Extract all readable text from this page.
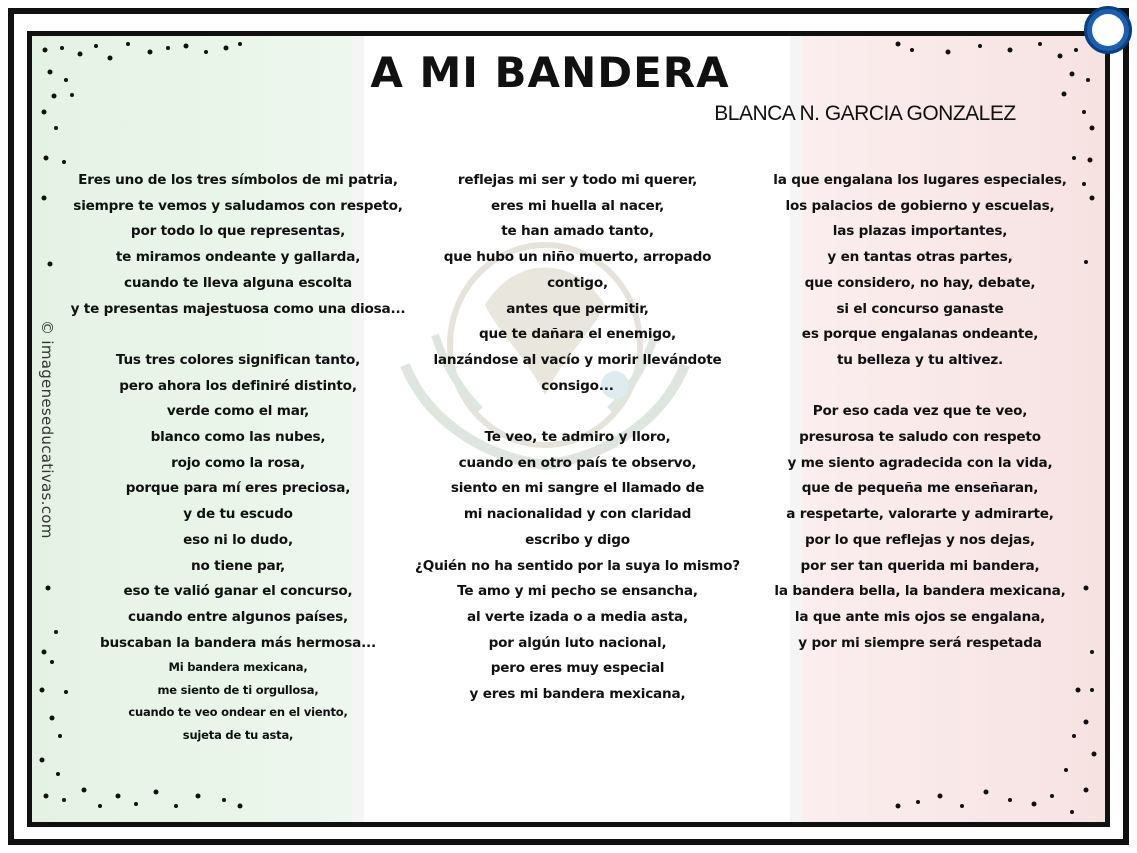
A MI BANDERA

BLANCA N. GARCIA GONZALEZ

© imageneseducativas.com
Eres uno de los tres símbolos de mi patria,
siempre te vemos y saludamos con respeto,
por todo lo que representas,
te miramos ondeante y gallarda,
cuando te lleva alguna escolta
y te presentas majestuosa como una diosa...
Tus tres colores significan tanto,
pero ahora los definiré distinto,
verde como el mar,
blanco como las nubes,
rojo como la rosa,
porque para mí eres preciosa,
y de tu escudo
eso ni lo dudo,
no tiene par,
eso te valió ganar el concurso,
cuando entre algunos países,
buscaban la bandera más hermosa...
Mi bandera mexicana,
me siento de ti orgullosa,
cuando te veo ondear en el viento,
sujeta de tu asta,
reflejas mi ser y todo mi querer,
eres mi huella al nacer,
te han amado tanto,
que hubo un niño muerto, arropado
contigo,
antes que permitir,
que te dañara el enemigo,
lanzándose al vacío y morir llevándote
consigo...
Te veo, te admiro y lloro,
cuando en otro país te observo,
siento en mi sangre el llamado de
mi nacionalidad y con claridad
escribo y digo
¿Quién no ha sentido por la suya lo mismo?
Te amo y mi pecho se ensancha,
al verte izada o a media asta,
por algún luto nacional,
pero eres muy especial
y eres mi bandera mexicana,
la que engalana los lugares especiales,
los palacios de gobierno y escuelas,
las plazas importantes,
y en tantas otras partes,
que considero, no hay, debate,
si el concurso ganaste
es porque engalanas ondeante,
tu belleza y tu altivez.
Por eso cada vez que te veo,
presurosa te saludo con respeto
y me siento agradecida con la vida,
que de pequeña me enseñaran,
a respetarte, valorarte y admirarte,
por lo que reflejas y nos dejas,
por ser tan querida mi bandera,
la bandera bella, la bandera mexicana,
la que ante mis ojos se engalana,
y por mi siempre será respetada
